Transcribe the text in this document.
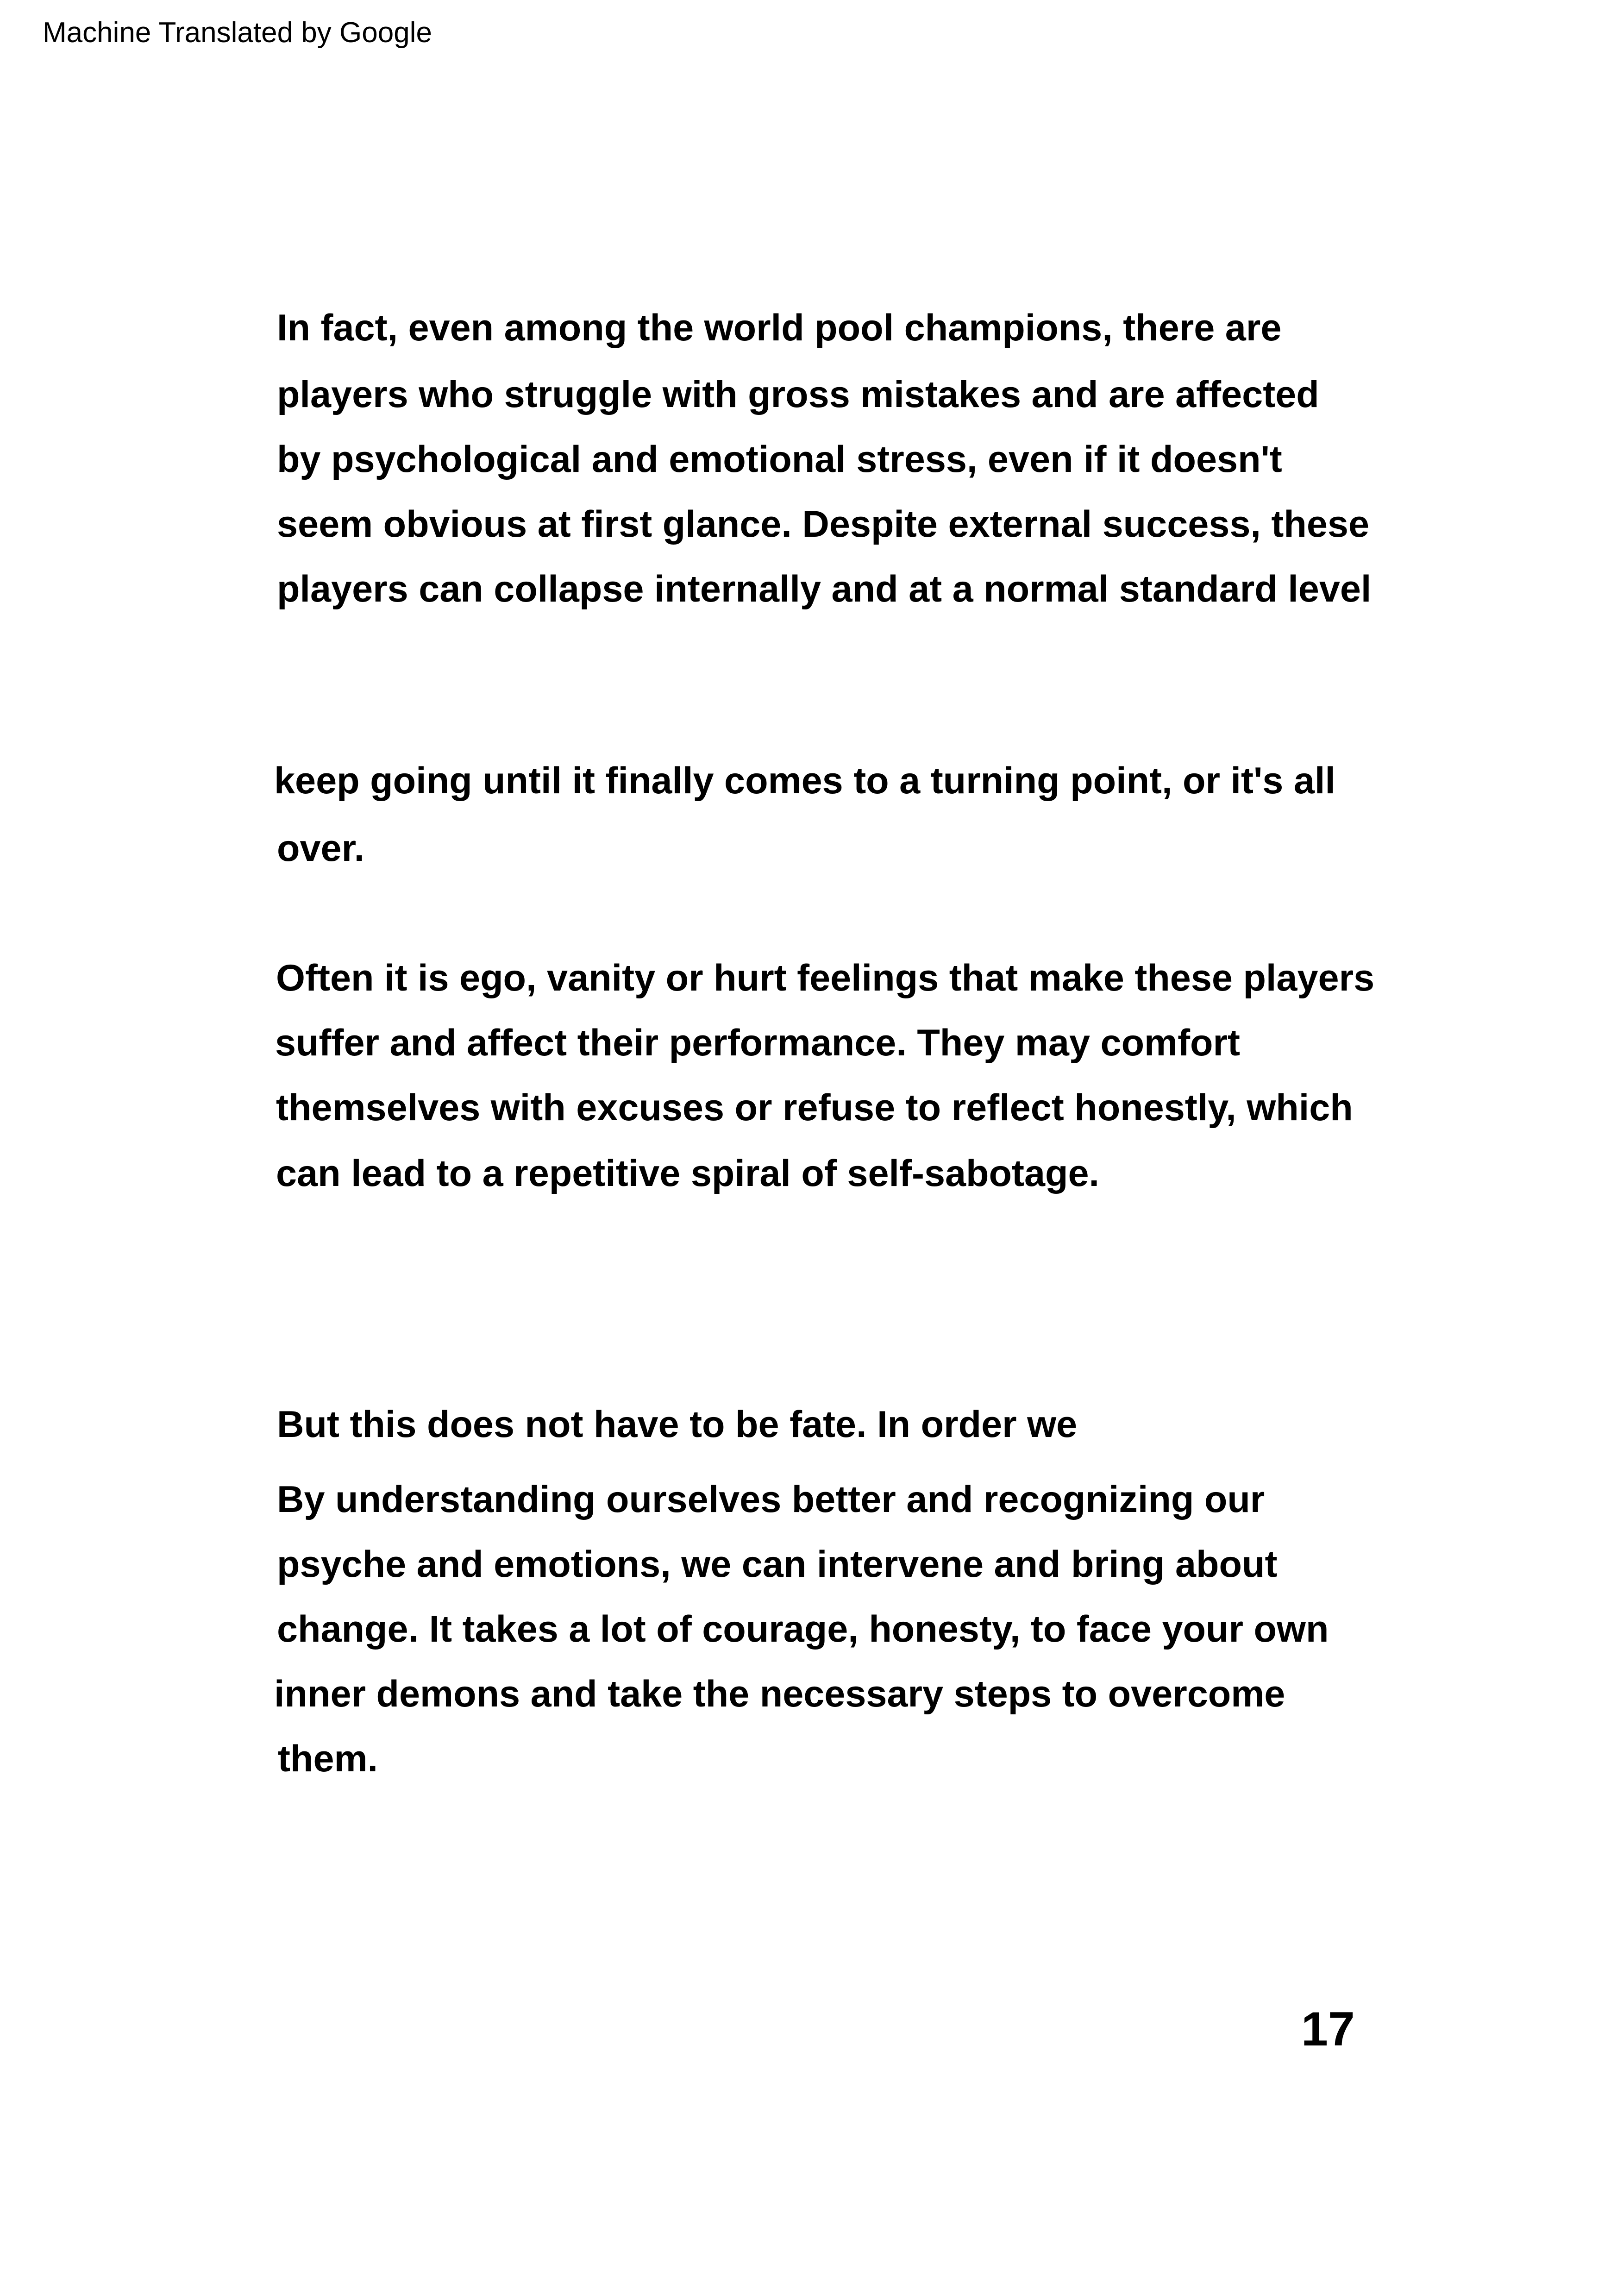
Machine Translated by Google
In fact, even among the world pool champions, there are
players who struggle with gross mistakes and are affected
by psychological and emotional stress, even if it doesn't
seem obvious at first glance. Despite external success, these
players can collapse internally and at a normal standard level
keep going until it finally comes to a turning point, or it's all
over.
Often it is ego, vanity or hurt feelings that make these players
suffer and affect their performance. They may comfort
themselves with excuses or refuse to reflect honestly, which
can lead to a repetitive spiral of self-sabotage.
But this does not have to be fate. In order we
By understanding ourselves better and recognizing our
psyche and emotions, we can intervene and bring about
change. It takes a lot of courage, honesty, to face your own
inner demons and take the necessary steps to overcome
them.
17
